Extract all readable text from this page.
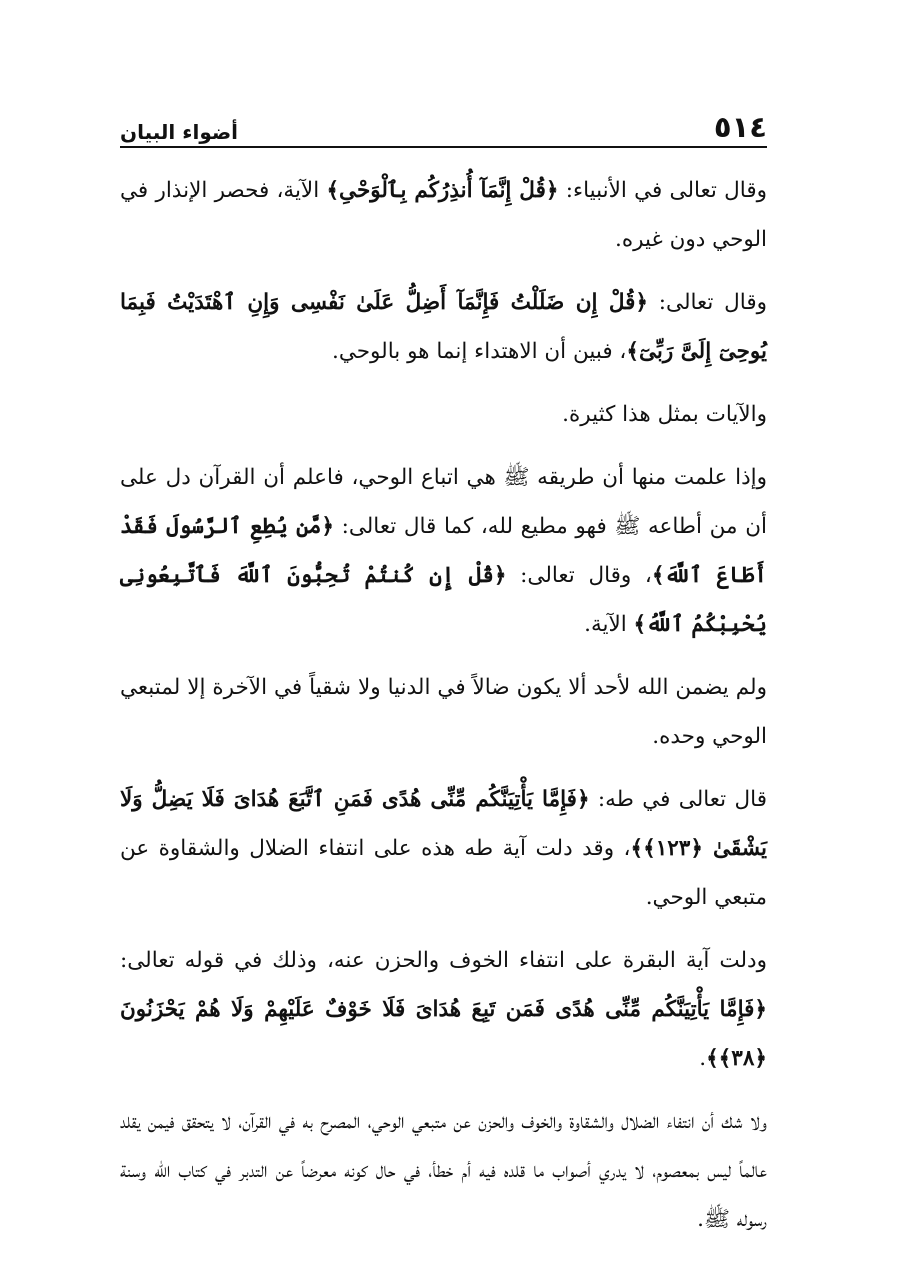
٥١٤
أضواء البيان

وقال تعالى في الأنبياء: ﴿قُلْ إِنَّمَآ أُنذِرُكُم بِٱلْوَحْىِ﴾ الآية، فحصر الإنذار في الوحي دون غيره.

وقال تعالى: ﴿قُلْ إِن ضَلَلْتُ فَإِنَّمَآ أَضِلُّ عَلَىٰ نَفْسِى وَإِنِ ٱهْتَدَيْتُ فَبِمَا يُوحِىٓ إِلَىَّ رَبِّىٓ﴾، فبين أن الاهتداء إنما هو بالوحي.

والآيات بمثل هذا كثيرة.

وإذا علمت منها أن طريقه ﷺ هي اتباع الوحي، فاعلم أن القرآن دل على أن من أطاعه ﷺ فهو مطيع لله، كما قال تعالى: ﴿مَّن يُطِعِ ٱلرَّسُولَ فَقَدْ أَطَاعَ ٱللَّهَ﴾، وقال تعالى: ﴿قُلْ إِن كُنتُمْ تُحِبُّونَ ٱللَّهَ فَٱتَّبِعُونِى يُحْبِبْكُمُ ٱللَّهُ﴾ الآية.

ولم يضمن الله لأحد ألا يكون ضالاً في الدنيا ولا شقياً في الآخرة إلا لمتبعي الوحي وحده.

قال تعالى في طه: ﴿فَإِمَّا يَأْتِيَنَّكُم مِّنِّى هُدًى فَمَنِ ٱتَّبَعَ هُدَاىَ فَلَا يَضِلُّ وَلَا يَشْقَىٰ ﴿١٢٣﴾﴾، وقد دلت آية طه هذه على انتفاء الضلال والشقاوة عن متبعي الوحي.

ودلت آية البقرة على انتفاء الخوف والحزن عنه، وذلك في قوله تعالى: ﴿فَإِمَّا يَأْتِيَنَّكُم مِّنِّى هُدًى فَمَن تَبِعَ هُدَاىَ فَلَا خَوْفٌ عَلَيْهِمْ وَلَا هُمْ يَحْزَنُونَ ﴿٣٨﴾﴾.

ولا شك أن انتفاء الضلال والشقاوة والخوف والحزن عن متبعي الوحي، المصرح به في القرآن، لا يتحقق فيمن يقلد عالماً ليس بمعصوم، لا يدري أصواب ما قلده فيه أم خطأ، في حال كونه معرضاً عن التدبر في كتاب الله وسنة رسوله ﷺ.
